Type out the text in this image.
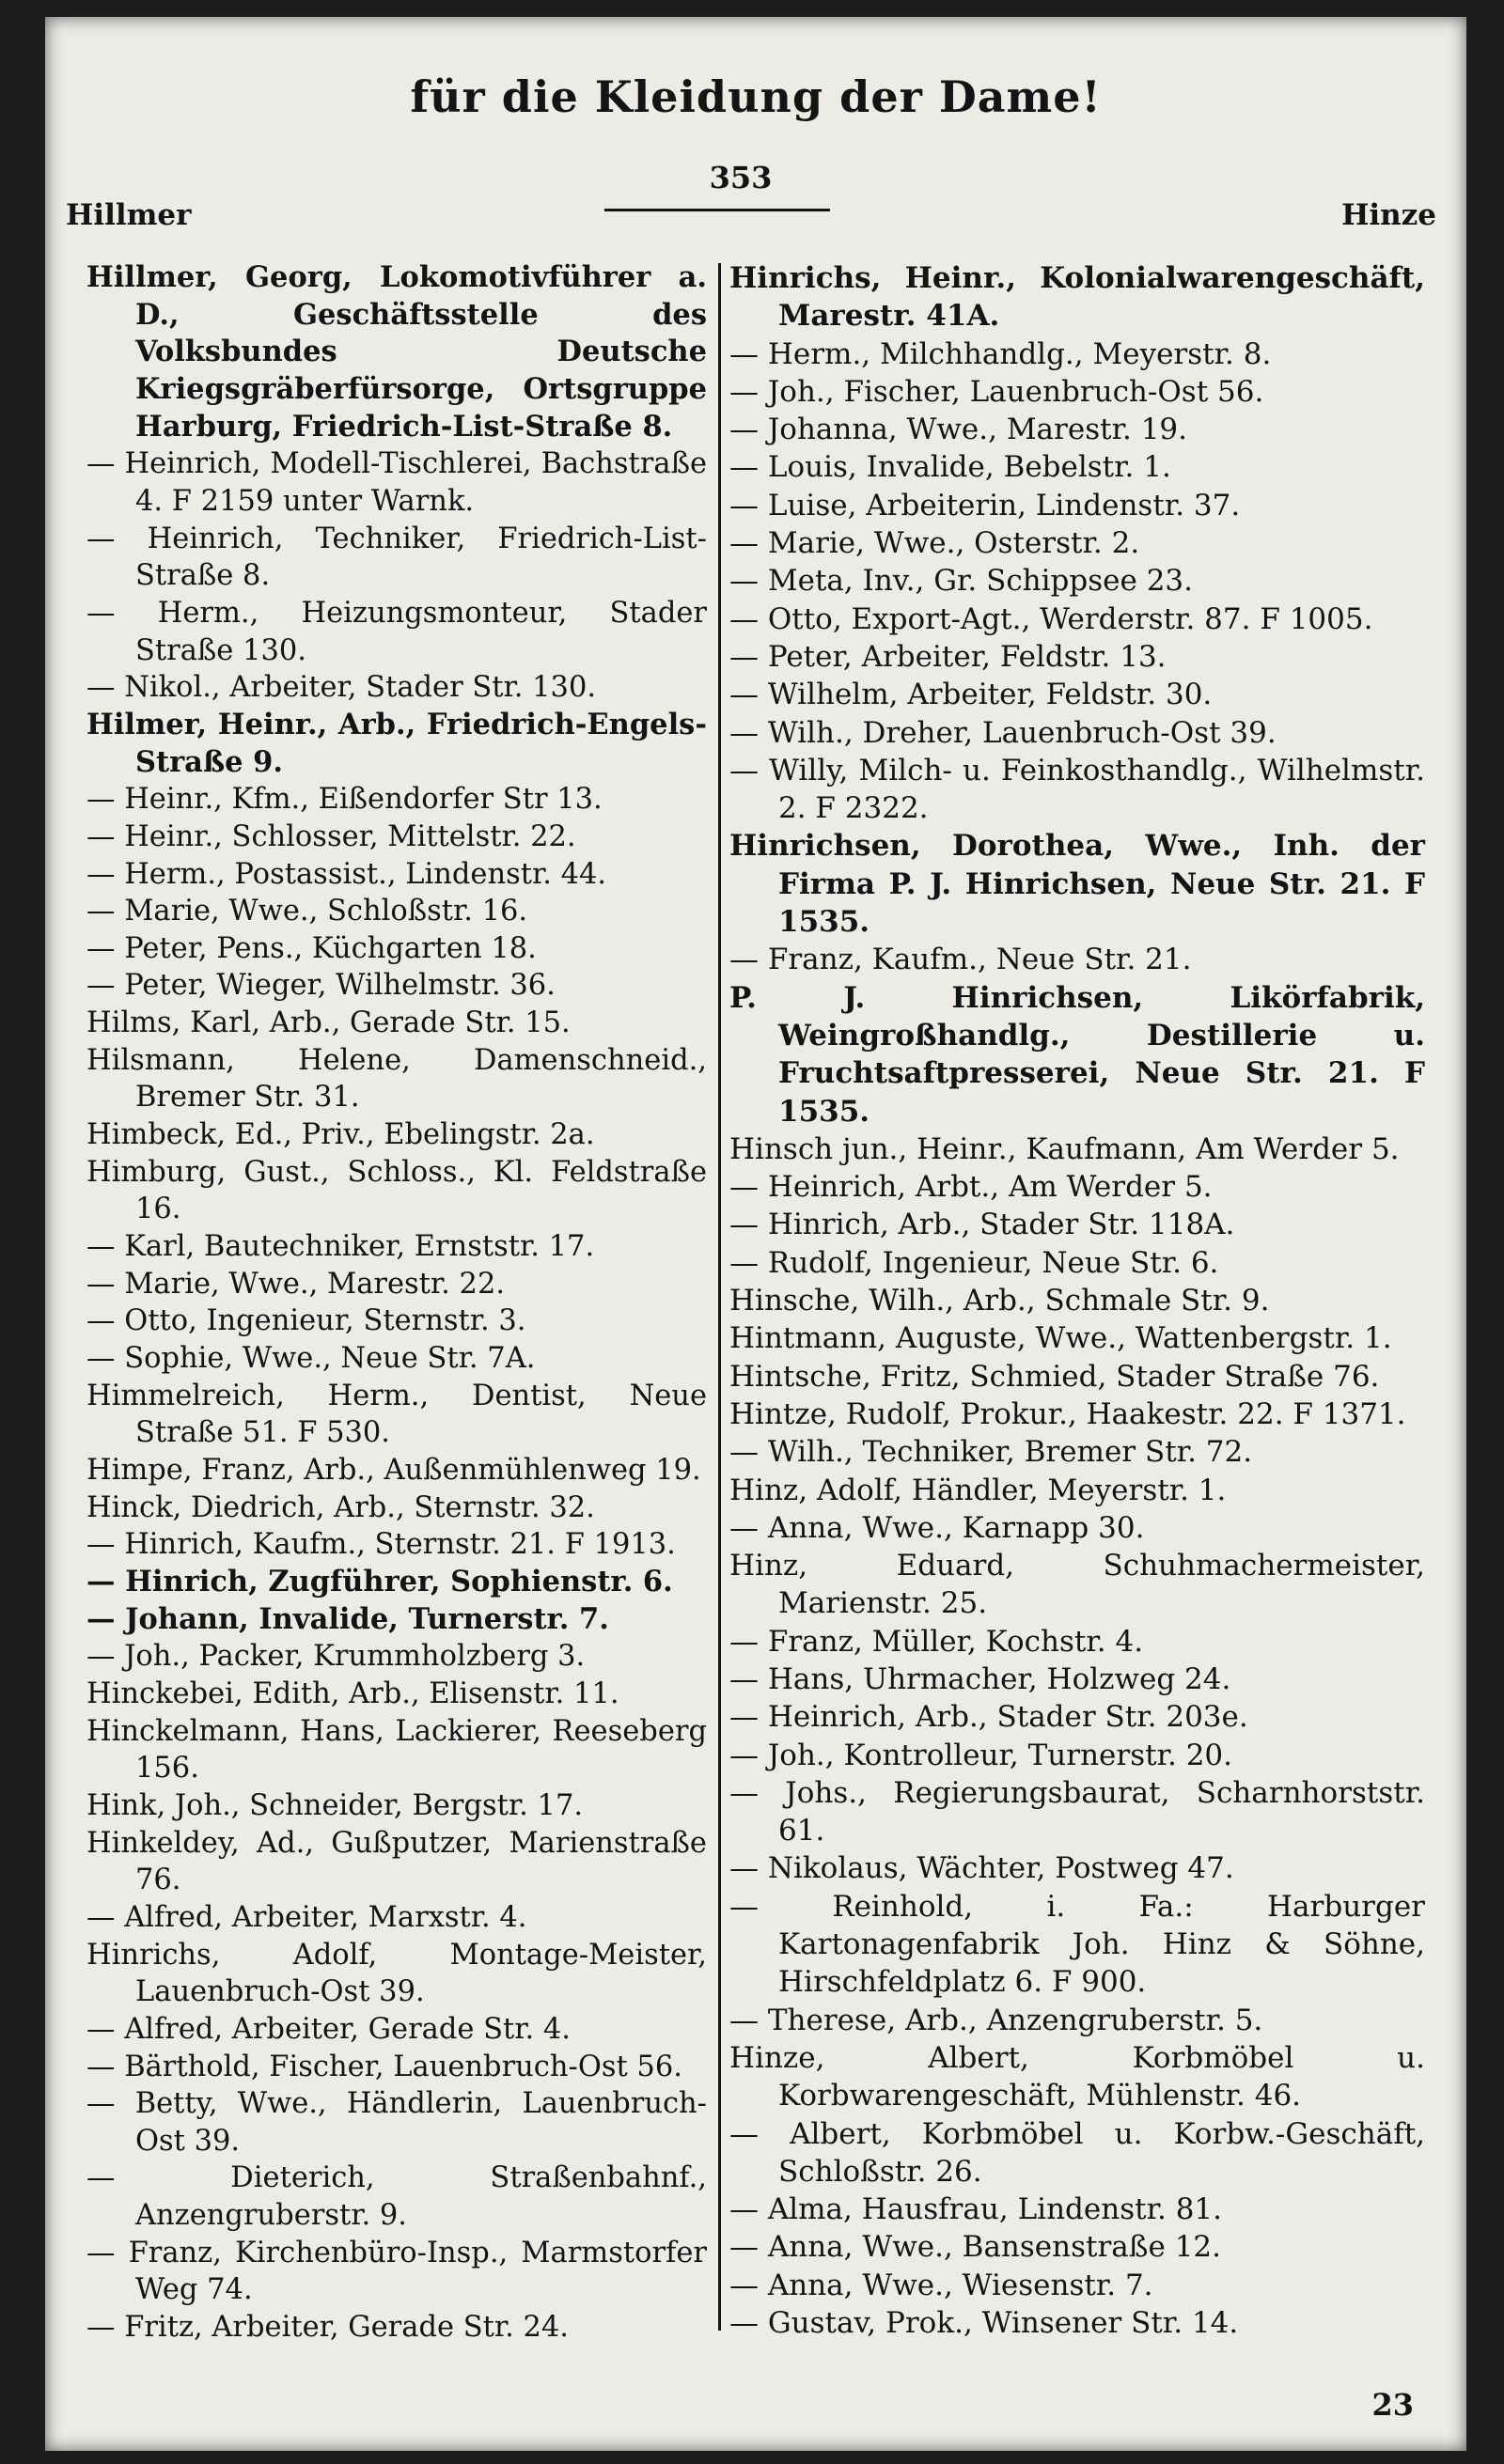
für die Kleidung der Dame!
Hillmer
353
Hinze
Hillmer, Georg, Lokomotivführer a. D., Geschäftsstelle des Volksbundes Deutsche Kriegsgräberfürsorge, Ortsgruppe Harburg, Friedrich-List-Straße 8.
— Heinrich, Modell-Tischlerei, Bachstraße 4. F 2159 unter Warnk.
— Heinrich, Techniker, Friedrich-List-Straße 8.
— Herm., Heizungsmonteur, Stader Straße 130.
— Nikol., Arbeiter, Stader Str. 130.
Hilmer, Heinr., Arb., Friedrich-Engels-Straße 9.
— Heinr., Kfm., Eißendorfer Str 13.
— Heinr., Schlosser, Mittelstr. 22.
— Herm., Postassist., Lindenstr. 44.
— Marie, Wwe., Schloßstr. 16.
— Peter, Pens., Küchgarten 18.
— Peter, Wieger, Wilhelmstr. 36.
Hilms, Karl, Arb., Gerade Str. 15.
Hilsmann, Helene, Damenschneid., Bremer Str. 31.
Himbeck, Ed., Priv., Ebelingstr. 2a.
Himburg, Gust., Schloss., Kl. Feldstraße 16.
— Karl, Bautechniker, Ernststr. 17.
— Marie, Wwe., Marestr. 22.
— Otto, Ingenieur, Sternstr. 3.
— Sophie, Wwe., Neue Str. 7A.
Himmelreich, Herm., Dentist, Neue Straße 51. F 530.
Himpe, Franz, Arb., Außenmühlenweg 19.
Hinck, Diedrich, Arb., Sternstr. 32.
— Hinrich, Kaufm., Sternstr. 21. F 1913.
— Hinrich, Zugführer, Sophienstr. 6.
— Johann, Invalide, Turnerstr. 7.
— Joh., Packer, Krummholzberg 3.
Hinckebei, Edith, Arb., Elisenstr. 11.
Hinckelmann, Hans, Lackierer, Reeseberg 156.
Hink, Joh., Schneider, Bergstr. 17.
Hinkeldey, Ad., Gußputzer, Marienstraße 76.
— Alfred, Arbeiter, Marxstr. 4.
Hinrichs, Adolf, Montage-Meister, Lauenbruch-Ost 39.
— Alfred, Arbeiter, Gerade Str. 4.
— Bärthold, Fischer, Lauenbruch-Ost 56.
— Betty, Wwe., Händlerin, Lauenbruch-Ost 39.
— Dieterich, Straßenbahnf., Anzengruberstr. 9.
— Franz, Kirchenbüro-Insp., Marmstorfer Weg 74.
— Fritz, Arbeiter, Gerade Str. 24.
Hinrichs, Heinr., Kolonialwarengeschäft, Marestr. 41A.
— Herm., Milchhandlg., Meyerstr. 8.
— Joh., Fischer, Lauenbruch-Ost 56.
— Johanna, Wwe., Marestr. 19.
— Louis, Invalide, Bebelstr. 1.
— Luise, Arbeiterin, Lindenstr. 37.
— Marie, Wwe., Osterstr. 2.
— Meta, Inv., Gr. Schippsee 23.
— Otto, Export-Agt., Werderstr. 87. F 1005.
— Peter, Arbeiter, Feldstr. 13.
— Wilhelm, Arbeiter, Feldstr. 30.
— Wilh., Dreher, Lauenbruch-Ost 39.
— Willy, Milch- u. Feinkosthandlg., Wilhelmstr. 2. F 2322.
Hinrichsen, Dorothea, Wwe., Inh. der Firma P. J. Hinrichsen, Neue Str. 21. F 1535.
— Franz, Kaufm., Neue Str. 21.
P. J. Hinrichsen, Likörfabrik, Weingroßhandlg., Destillerie u. Fruchtsaftpresserei, Neue Str. 21. F 1535.
Hinsch jun., Heinr., Kaufmann, Am Werder 5.
— Heinrich, Arbt., Am Werder 5.
— Hinrich, Arb., Stader Str. 118A.
— Rudolf, Ingenieur, Neue Str. 6.
Hinsche, Wilh., Arb., Schmale Str. 9.
Hintmann, Auguste, Wwe., Wattenbergstr. 1.
Hintsche, Fritz, Schmied, Stader Straße 76.
Hintze, Rudolf, Prokur., Haakestr. 22. F 1371.
— Wilh., Techniker, Bremer Str. 72.
Hinz, Adolf, Händler, Meyerstr. 1.
— Anna, Wwe., Karnapp 30.
Hinz, Eduard, Schuhmachermeister, Marienstr. 25.
— Franz, Müller, Kochstr. 4.
— Hans, Uhrmacher, Holzweg 24.
— Heinrich, Arb., Stader Str. 203e.
— Joh., Kontrolleur, Turnerstr. 20.
— Johs., Regierungsbaurat, Scharnhorststr. 61.
— Nikolaus, Wächter, Postweg 47.
— Reinhold, i. Fa.: Harburger Kartonagenfabrik Joh. Hinz & Söhne, Hirschfeldplatz 6. F 900.
— Therese, Arb., Anzengruberstr. 5.
Hinze, Albert, Korbmöbel u. Korbwarengeschäft, Mühlenstr. 46.
— Albert, Korbmöbel u. Korbw.-Geschäft, Schloßstr. 26.
— Alma, Hausfrau, Lindenstr. 81.
— Anna, Wwe., Bansenstraße 12.
— Anna, Wwe., Wiesenstr. 7.
— Gustav, Prok., Winsener Str. 14.
23
